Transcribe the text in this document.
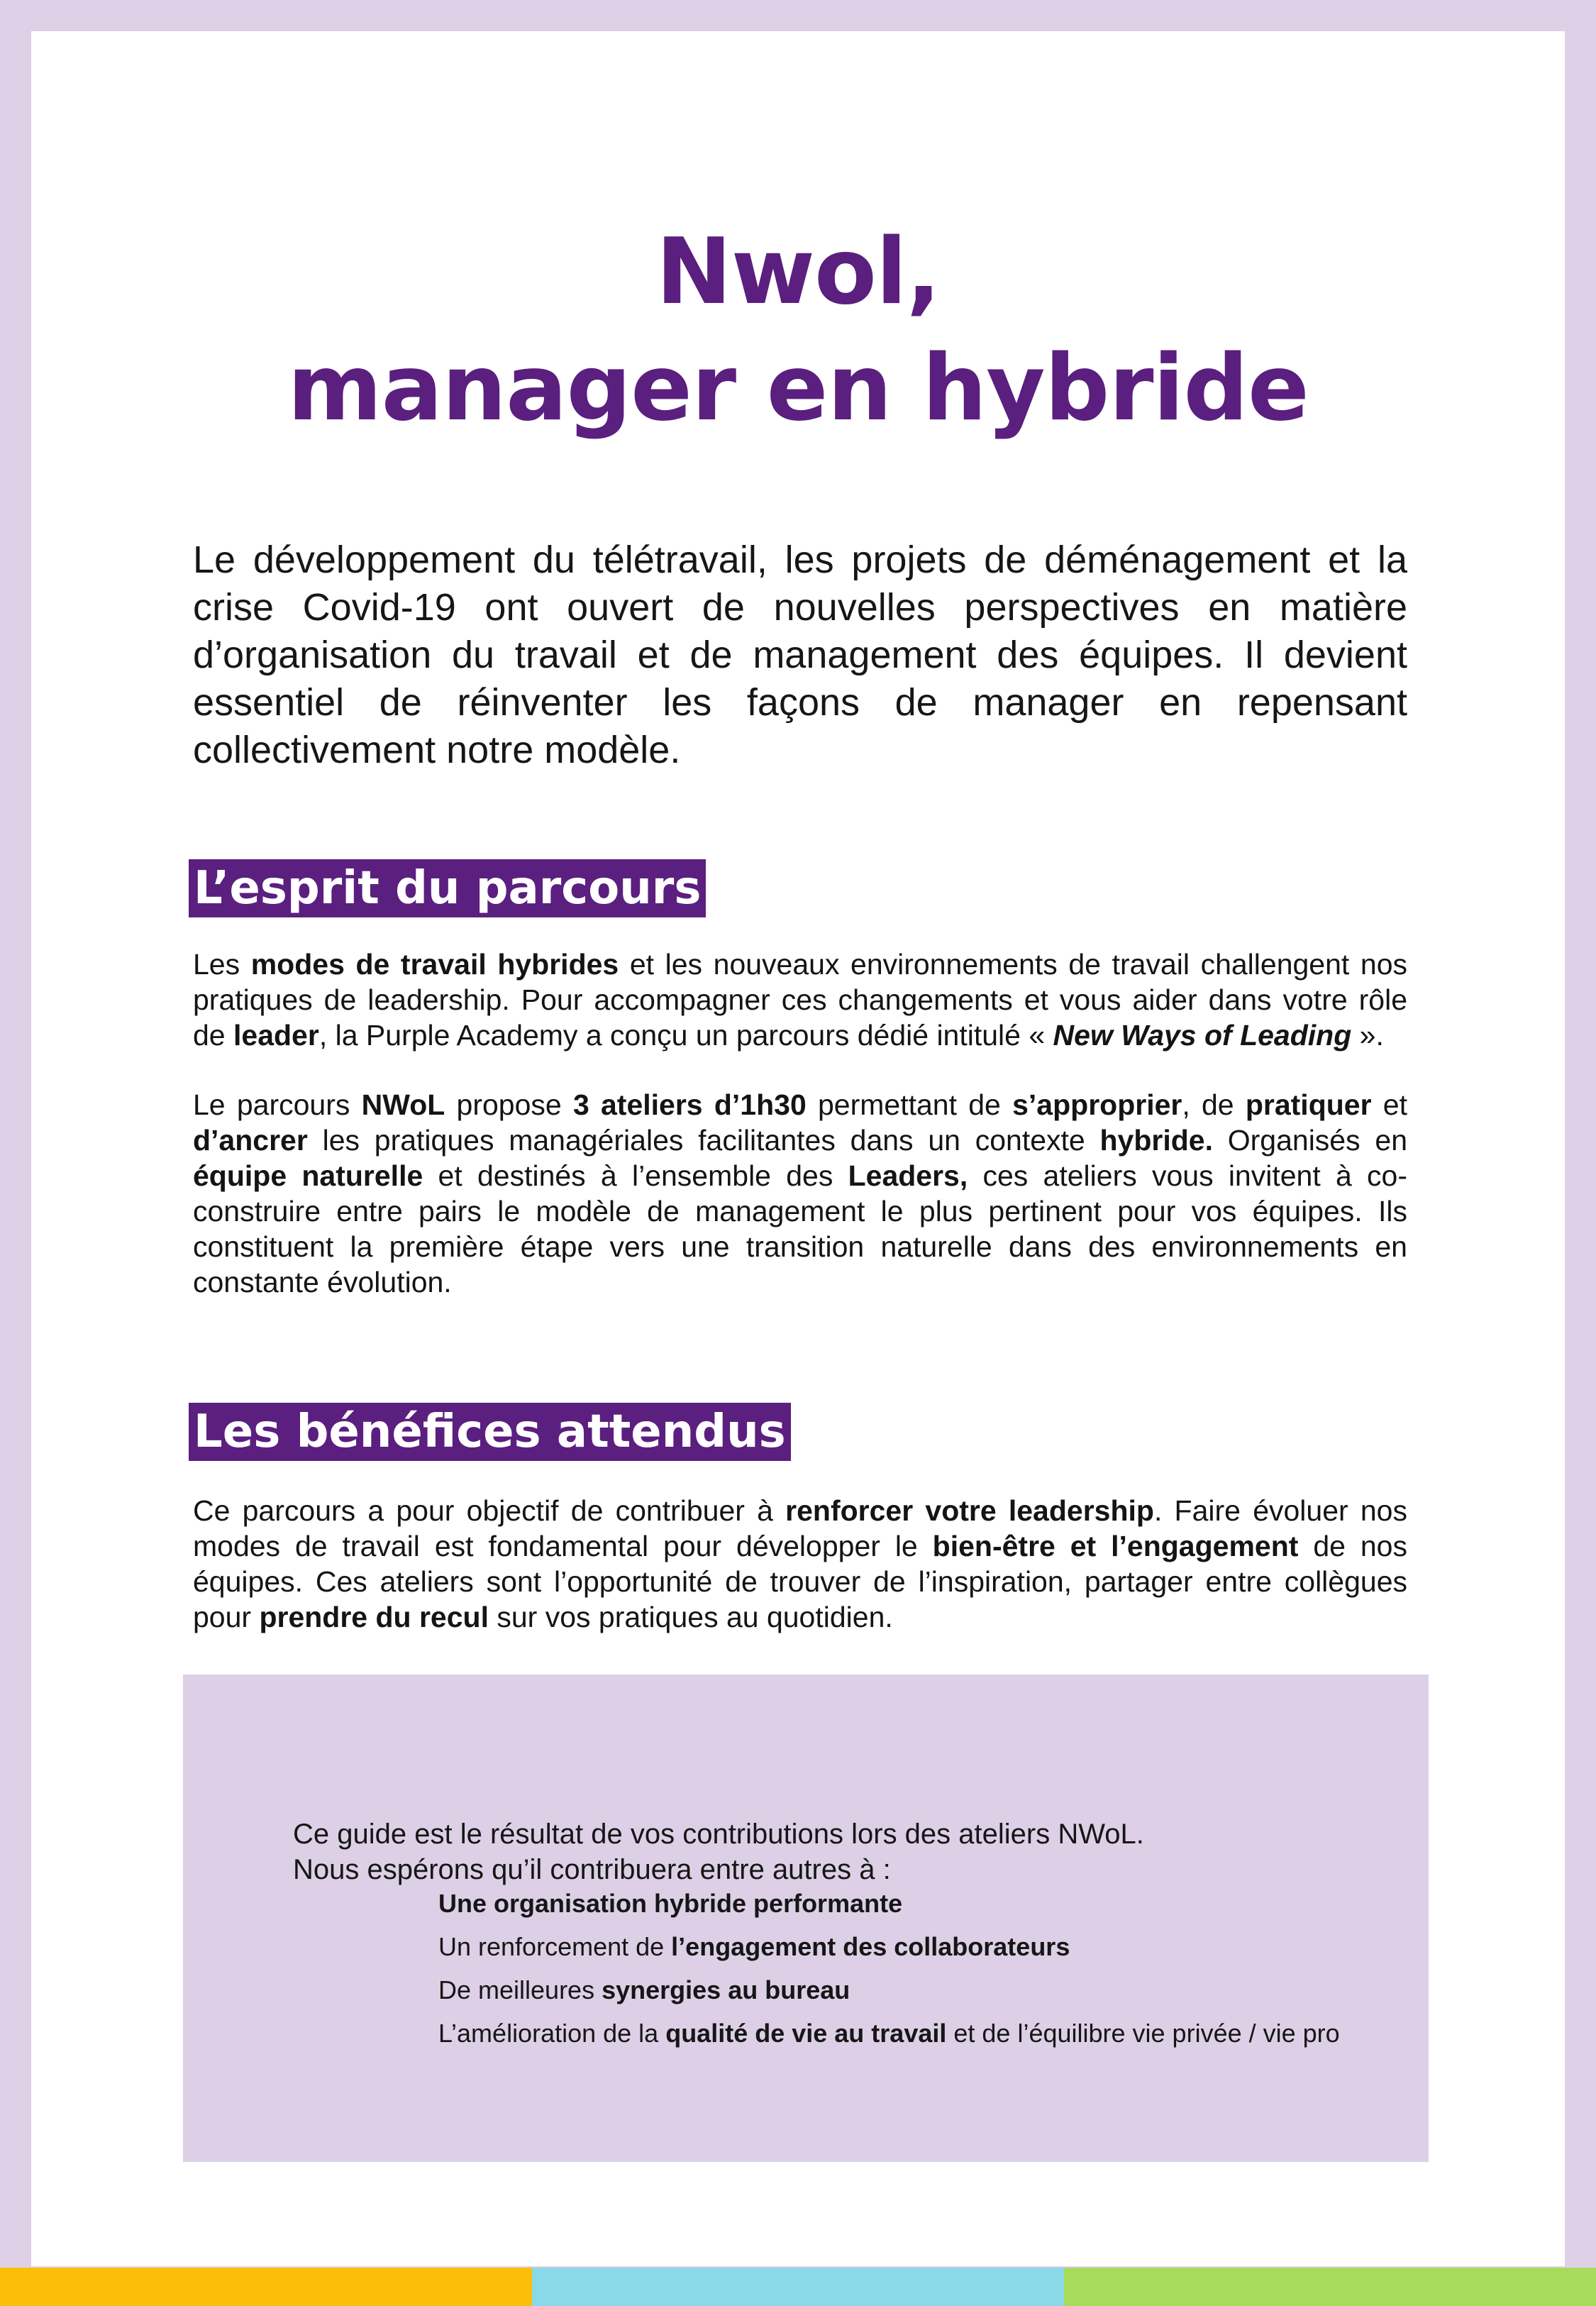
Nwol,
manager en hybride

Le développement du télétravail, les projets de déménagement et la crise Covid-19 ont ouvert de nouvelles perspectives en matière d’organisation du travail et de management des équipes. Il devient essentiel de réinventer les façons de manager en repensant collectivement notre modèle.

L’esprit du parcours

Les modes de travail hybrides et les nouveaux environnements de travail challengent nos pratiques de leadership. Pour accompagner ces changements et vous aider dans votre rôle de leader, la Purple Academy a conçu un parcours dédié intitulé « New Ways of Leading ».

Le parcours NWoL propose 3 ateliers d’1h30 permettant de s’approprier, de pratiquer et d’ancrer les pratiques managériales facilitantes dans un contexte hybride. Organisés en équipe naturelle et destinés à l’ensemble des Leaders, ces ateliers vous invitent à co-construire entre pairs le modèle de management le plus pertinent pour vos équipes. Ils constituent la première étape vers une transition naturelle dans des environnements en constante évolution.

Les bénéfices attendus

Ce parcours a pour objectif de contribuer à renforcer votre leadership. Faire évoluer nos modes de travail est fondamental pour développer le bien-être et l’engagement de nos équipes. Ces ateliers sont l’opportunité de trouver de l’inspiration, partager entre collègues pour prendre du recul sur vos pratiques au quotidien.

Ce guide est le résultat de vos contributions lors des ateliers NWoL.
Nous espérons qu’il contribuera entre autres à :

Une organisation hybride performante
Un renforcement de l’engagement des collaborateurs
De meilleures synergies au bureau
L’amélioration de la qualité de vie au travail et de l’équilibre vie privée / vie pro
